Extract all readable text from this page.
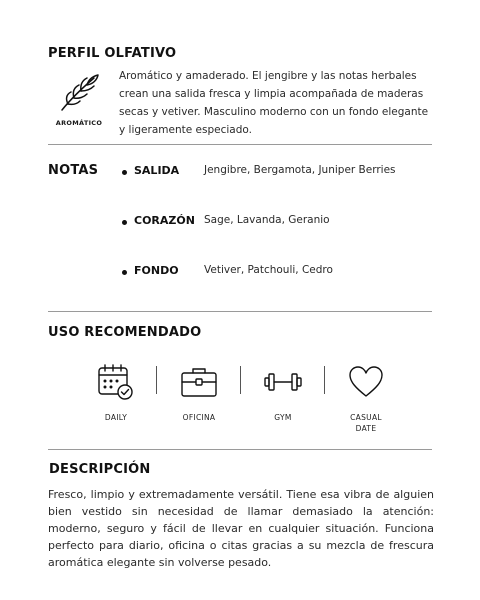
PERFIL OLFATIVO
AROMÁTICO
Aromático y amaderado. El jengibre y las notas herbales crean una salida fresca y limpia acompañada de maderas secas y vetiver. Masculino moderno con un fondo elegante y ligeramente especiado.
NOTAS	SALIDA Jengibre, Bergamota, Juniper Berries
CORAZÓN Sage, Lavanda, Geranio
FONDO Vetiver, Patchouli, Cedro
USO RECOMENDADO
DAILY	OFICINA	GYM	CASUAL DATE
DESCRIPCIÓN
Fresco, limpio y extremadamente versátil. Tiene esa vibra de alguien bien vestido sin necesidad de llamar demasiado la atención: moderno, seguro y fácil de llevar en cualquier situación. Funciona perfecto para diario, oficina o citas gracias a su mezcla de frescura aromática elegante sin volverse pesado.
